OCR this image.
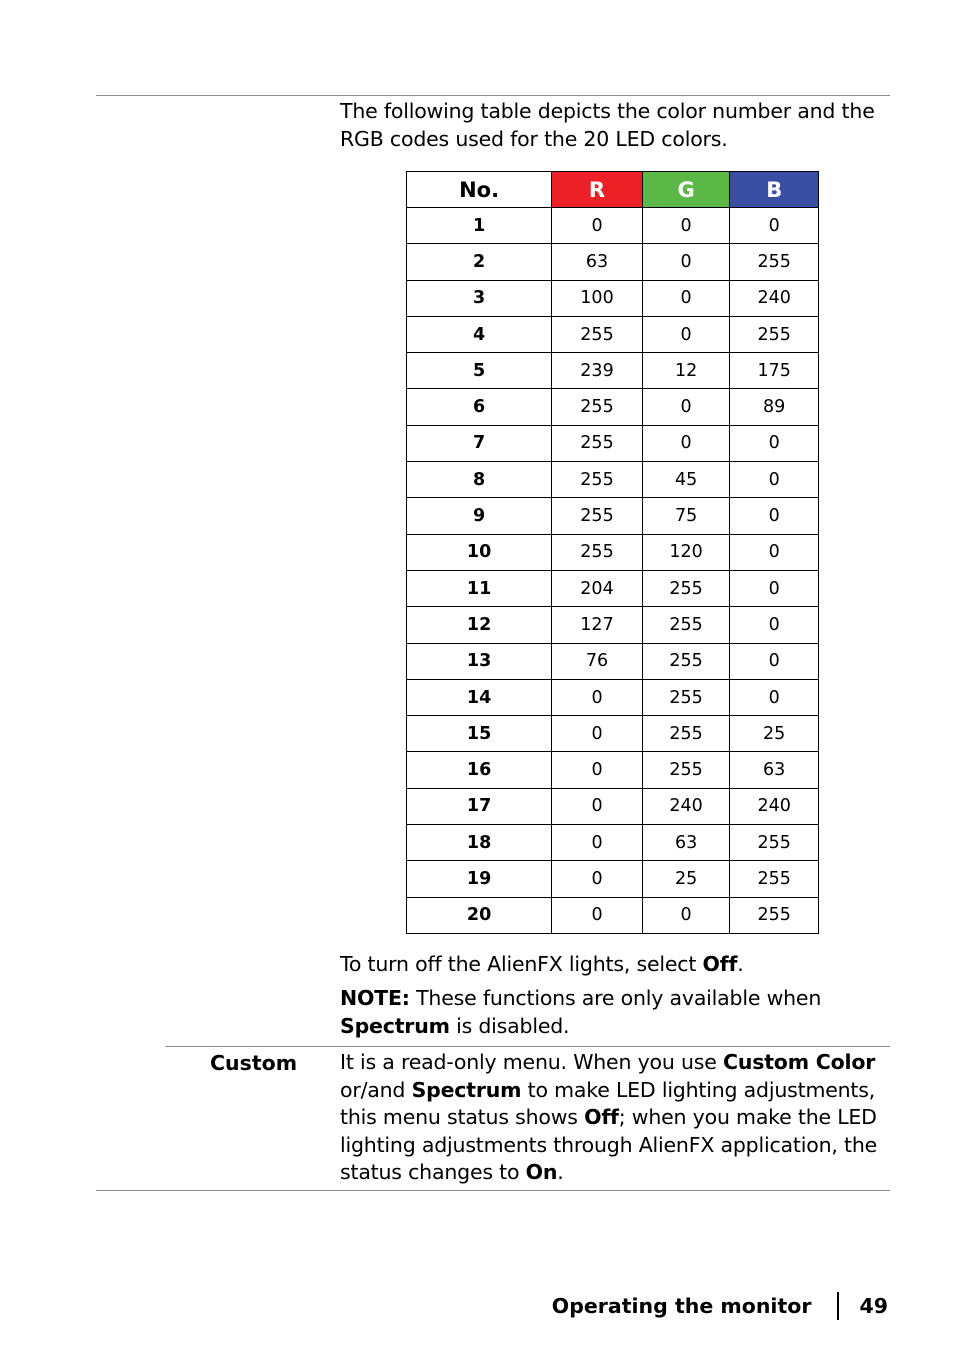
The following table depicts the color number and the RGB codes used for the 20 LED colors.
No.	R	G	B
1	0	0	0
2	63	0	255
3	100	0	240
4	255	0	255
5	239	12	175
6	255	0	89
7	255	0	0
8	255	45	0
9	255	75	0
10	255	120	0
11	204	255	0
12	127	255	0
13	76	255	0
14	0	255	0
15	0	255	25
16	0	255	63
17	0	240	240
18	0	63	255
19	0	25	255
20	0	0	255
To turn off the AlienFX lights, select Off.
NOTE: These functions are only available when Spectrum is disabled.
Custom It is a read-only menu. When you use Custom Color or/and Spectrum to make LED lighting adjustments, this menu status shows Off; when you make the LED lighting adjustments through AlienFX application, the status changes to On.
Operating the monitor 49
